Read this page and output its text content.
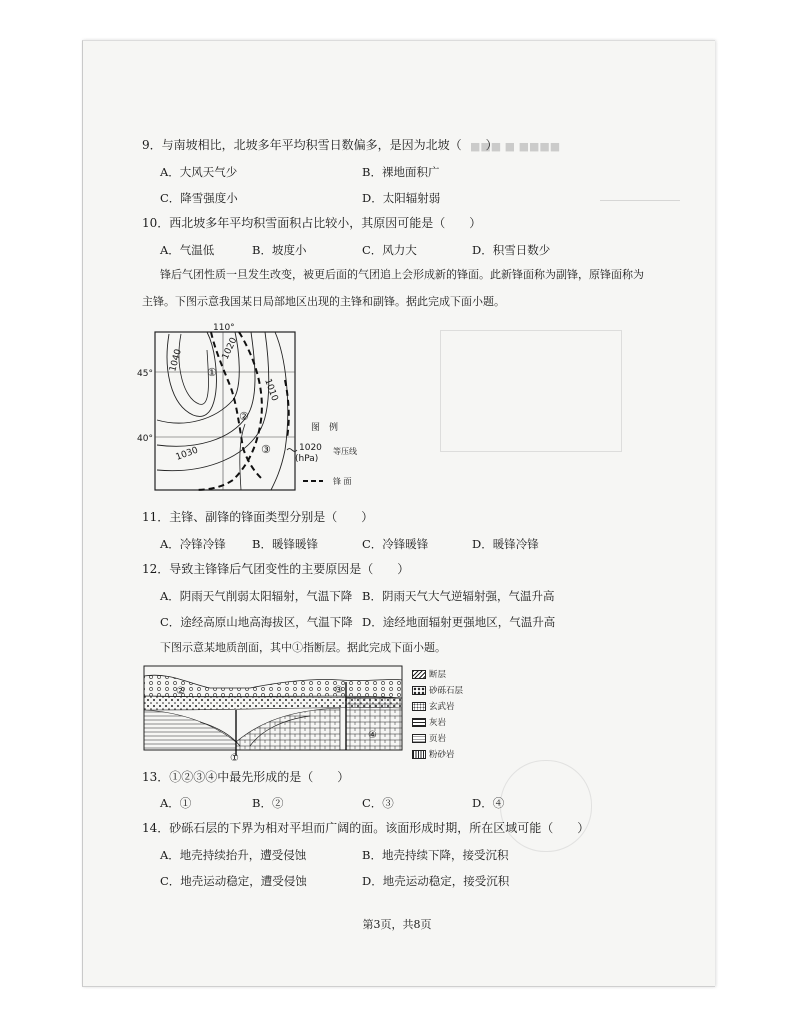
■■■ ■ ■■■■
9．与南坡相比，北坡多年平均积雪日数偏多，是因为北坡（　　）
A．大风天气少	B．裸地面积广
C．降雪强度小	D．太阳辐射弱
10．西北坡多年平均积雪面积占比较小，其原因可能是（　　）
A．气温低	B．坡度小	C．风力大	D．积雪日数少
锋后气团性质一旦发生改变，被更后面的气团追上会形成新的锋面。此新锋面称为副锋，原锋面称为
主锋。下图示意我国某日局部地区出现的主锋和副锋。据此完成下面小题。
110°
45°
40°
1040	1020
1010
1030
①
②
③
图　例
1020
(hPa)
等压线
锋 面
11．主锋、副锋的锋面类型分别是（　　）
A．冷锋冷锋 B．暖锋暖锋	C．冷锋暖锋	D．暖锋冷锋
12．导致主锋锋后气团变性的主要原因是（　　）
A．阴雨天气削弱太阳辐射，气温下降 B．阴雨天气大气逆辐射强，气温升高
C．途经高原山地高海拔区，气温下降 D．途经地面辐射更强地区，气温升高
下图示意某地质剖面，其中①指断层。据此完成下面小题。
①
②	③
④
断层
砂砾石层
玄武岩
灰岩
页岩
粉砂岩
13．①②③④中最先形成的是（　　）
A．①	B．②	C．③	D．④
14．砂砾石层的下界为相对平坦而广阔的面。该面形成时期，所在区域可能（　　）
A．地壳持续抬升，遭受侵蚀	B．地壳持续下降，接受沉积
C．地壳运动稳定，遭受侵蚀	D．地壳运动稳定，接受沉积
第3页，共8页
